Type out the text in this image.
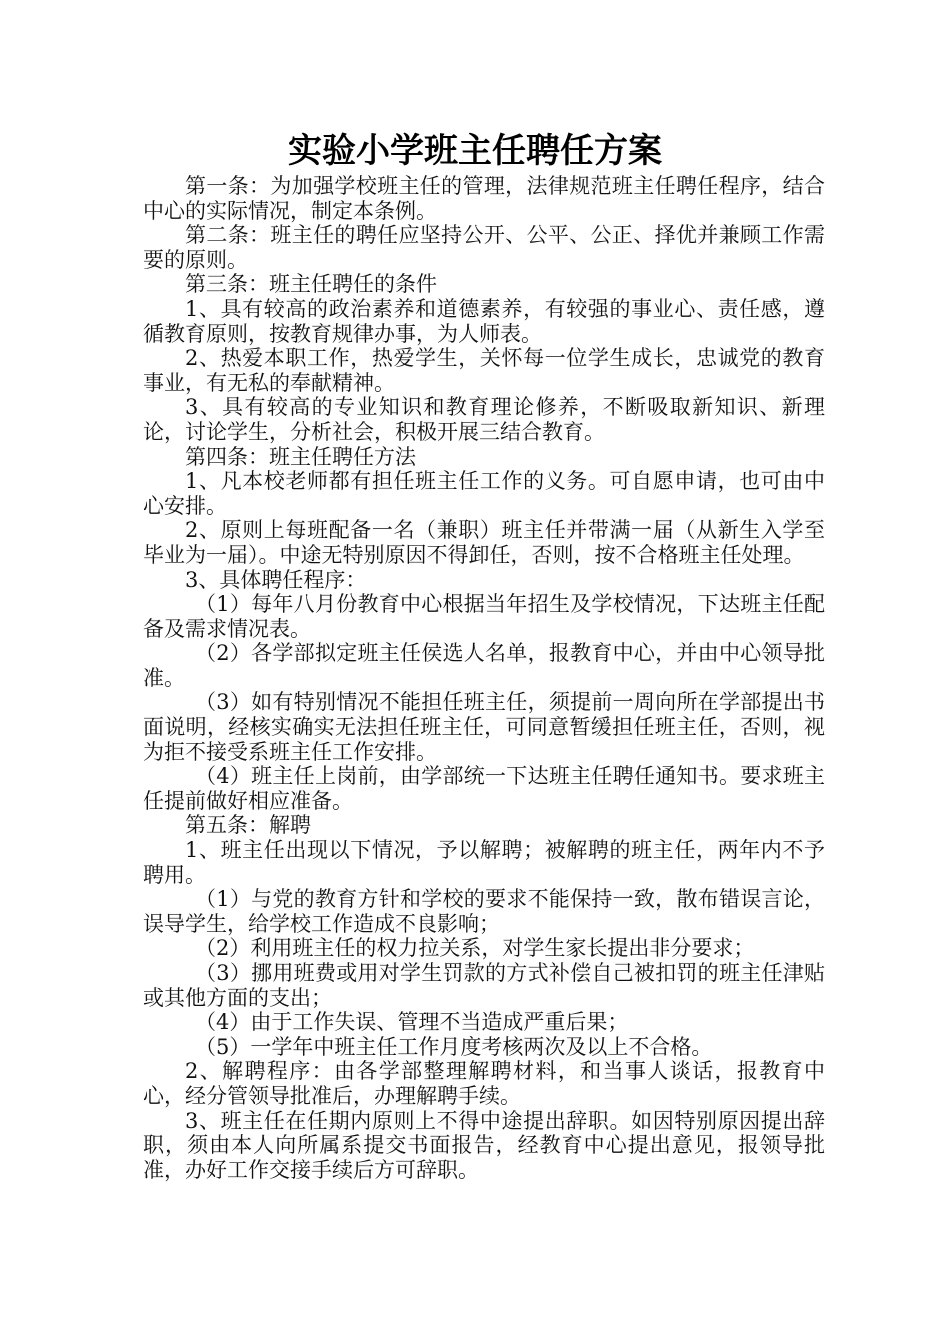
实验小学班主任聘任方案

第一条：为加强学校班主任的管理，法律规范班主任聘任程序，结合中心的实际情况，制定本条例。

第二条：班主任的聘任应坚持公开、公平、公正、择优并兼顾工作需要的原则。

第三条：班主任聘任的条件

1、具有较高的政治素养和道德素养，有较强的事业心、责任感，遵循教育原则，按教育规律办事，为人师表。

2、热爱本职工作，热爱学生，关怀每一位学生成长，忠诚党的教育事业，有无私的奉献精神。

3、具有较高的专业知识和教育理论修养，不断吸取新知识、新理论，讨论学生，分析社会，积极开展三结合教育。

第四条：班主任聘任方法

1、凡本校老师都有担任班主任工作的义务。可自愿申请，也可由中心安排。

2、原则上每班配备一名（兼职）班主任并带满一届（从新生入学至毕业为一届）。中途无特别原因不得卸任，否则，按不合格班主任处理。

3、具体聘任程序：

（1）每年八月份教育中心根据当年招生及学校情况，下达班主任配备及需求情况表。

（2）各学部拟定班主任侯选人名单，报教育中心，并由中心领导批准。

（3）如有特别情况不能担任班主任，须提前一周向所在学部提出书面说明，经核实确实无法担任班主任，可同意暂缓担任班主任，否则，视为拒不接受系班主任工作安排。

（4）班主任上岗前，由学部统一下达班主任聘任通知书。要求班主任提前做好相应准备。

第五条：解聘

1、班主任出现以下情况，予以解聘；被解聘的班主任，两年内不予聘用。

（1）与党的教育方针和学校的要求不能保持一致，散布错误言论，误导学生，给学校工作造成不良影响；

（2）利用班主任的权力拉关系，对学生家长提出非分要求；

（3）挪用班费或用对学生罚款的方式补偿自己被扣罚的班主任津贴或其他方面的支出；

（4）由于工作失误、管理不当造成严重后果；

（5）一学年中班主任工作月度考核两次及以上不合格。

2、解聘程序：由各学部整理解聘材料，和当事人谈话，报教育中心，经分管领导批准后，办理解聘手续。

3、班主任在任期内原则上不得中途提出辞职。如因特别原因提出辞职，须由本人向所属系提交书面报告，经教育中心提出意见，报领导批准，办好工作交接手续后方可辞职。
